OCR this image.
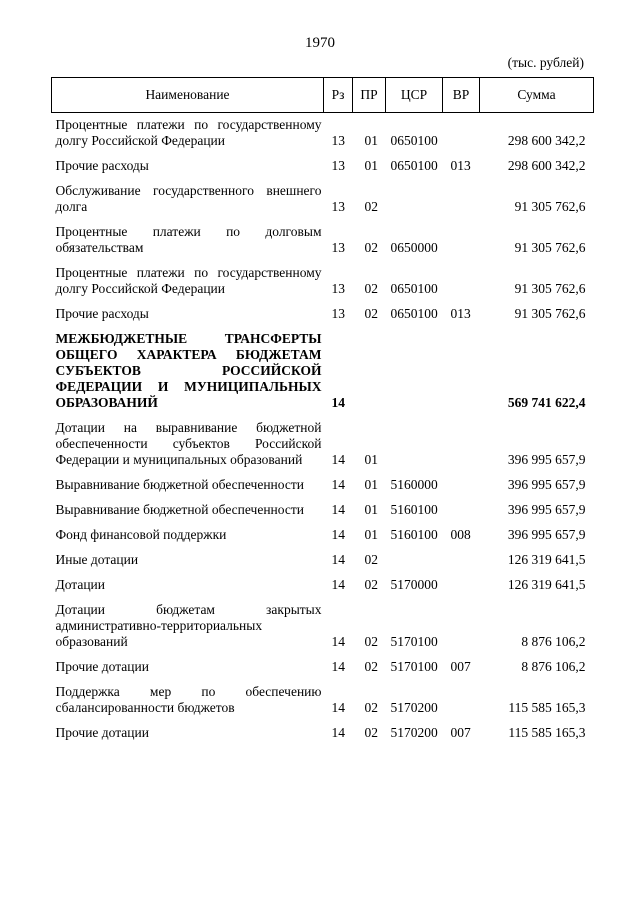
1970
(тыс. рублей)
Наименование	Рз	ПР	ЦСР	ВР	Сумма
Процентные платежи по государственному долгу Российской Федерации	13	01	0650100		298 600 342,2
Прочие расходы	13	01	0650100	013	298 600 342,2
Обслуживание государственного внешнего долга	13	02			91 305 762,6
Процентные платежи по долговым обязательствам	13	02	0650000		91 305 762,6
Процентные платежи по государственному долгу Российской Федерации	13	02	0650100		91 305 762,6
Прочие расходы	13	02	0650100	013	91 305 762,6
МЕЖБЮДЖЕТНЫЕ ТРАНСФЕРТЫ ОБЩЕГО ХАРАКТЕРА БЮДЖЕТАМ СУБЪЕКТОВ РОССИЙСКОЙ ФЕДЕРАЦИИ И МУНИЦИПАЛЬНЫХ ОБРАЗОВАНИЙ	14				569 741 622,4
Дотации на выравнивание бюджетной обеспеченности субъектов Российской Федерации и муниципальных образований	14	01			396 995 657,9
Выравнивание бюджетной обеспеченности	14	01	5160000		396 995 657,9
Выравнивание бюджетной обеспеченности	14	01	5160100		396 995 657,9
Фонд финансовой поддержки	14	01	5160100	008	396 995 657,9
Иные дотации	14	02			126 319 641,5
Дотации	14	02	5170000		126 319 641,5
Дотации бюджетам закрытых административно-территориальных образований	14	02	5170100		8 876 106,2
Прочие дотации	14	02	5170100	007	8 876 106,2
Поддержка мер по обеспечению сбалансированности бюджетов	14	02	5170200		115 585 165,3
Прочие дотации	14	02	5170200	007	115 585 165,3
